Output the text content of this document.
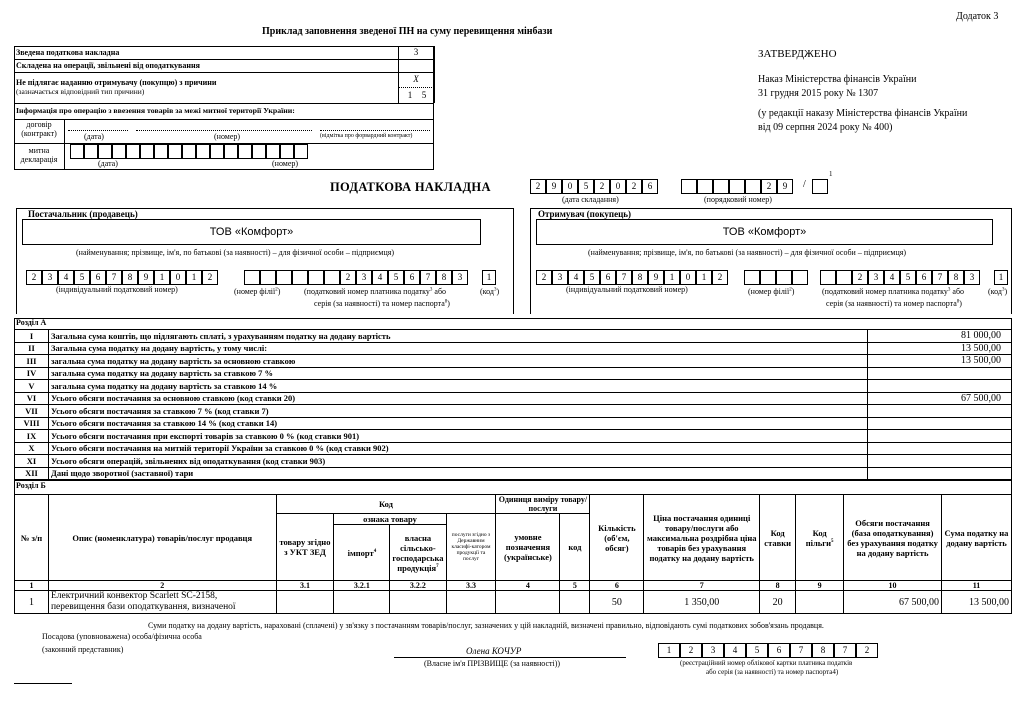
Додаток 3
Приклад заповнення зведеної ПН на суму перевищення мінбази
Зведена податкова накладна	3
Складена на операції, звільнені від оподаткування
Не підлягає наданню отримувачу (покупцю) з причини
(зазначається відповідний тип причини)
X
1	5
Інформація про операцію з ввезення товарів за межі митної території України:
договір (контракт)	(дата)	(номер)	(відмітка про форвардний контракт)
митна декларація	(дата)	(номер)
ЗАТВЕРДЖЕНО
Наказ Міністерства фінансів України
31 грудня 2015 року № 1307
(у редакції наказу Міністерства фінансів України
від 09 серпня 2024 року № 400)
ПОДАТКОВА НАКЛАДНА	2	9	0	5	2	0	2	6
(дата складання)
2	9	/
1
(порядковий номер)
Постачальник (продавець)
ТОВ «Комфорт»
(найменування; прізвище, ім'я, по батькові (за наявності) – для фізичної особи – підприємця)
2	3	4	5	6	7	8	9	1	0	1	2
(індивідуальний податковий номер)	(номер філії$^2$)
2	3	4	5	6	7	8	3	1
(податковий номер платника податку$^3$ або	(код$^3$)
серія (за наявності) та номер паспорта$^8$)
Отримувач (покупець)
ТОВ «Комфорт»
(найменування; прізвище, ім'я, по батькові (за наявності) – для фізичної особи – підприємця)
2	3	4	5	6	7	8	9	1	0	1	2
(індивідуальний податковий номер)	(номер філії$^2$)
2	3	4	5	6	7	8	3	1
(податковий номер платника податку$^3$ або	(код$^3$)
серія (за наявності) та номер паспорта$^8$)
Розділ А
I	Загальна сума коштів, що підлягають сплаті, з урахуванням податку на додану вартість	81 000,00
II	Загальна сума податку на додану вартість, у тому числі:	13 500,00
III	загальна сума податку на додану вартість за основною ставкою	13 500,00
IV	загальна сума податку на додану вартість за ставкою 7 %	
V	загальна сума податку на додану вартість за ставкою 14 %	
VI	Усього обсяги постачання за основною ставкою (код ставки 20)	67 500,00
VII	Усього обсяги постачання за ставкою 7 % (код ставки 7)	
VIII	Усього обсяги постачання за ставкою 14 % (код ставки 14)	
IX	Усього обсяги постачання при експорті товарів за ставкою 0 % (код ставки 901)	
X	Усього обсяги постачання на митній території України за ставкою 0 % (код ставки 902)	
XI	Усього обсяги операцій, звільнених від оподаткування (код ставки 903)	
XII	Дані щодо зворотної (заставної) тари	
Розділ Б
№ з/п	Опис (номенклатура) товарів/послуг продавця	Код				Одиниця виміру товару/послуги		Кількість (об'єм, обсяг)	Ціна постачання одиниці товару/послуги або максимальна роздрібна ціна товарів без урахування податку на додану вартість	Код ставки	Код пільги$^5$	Обсяги постачання (база оподаткування) без урахування податку на додану вартість	Сума податку на додану вартість
		товару згідно з УКТ ЗЕД	ознака товару		послуги згідно з Державним класифі-катором продукції та послуг	умовне позначення (українське)	код						
			імпорт$^4$	власна сільсько-господарська продукція$^7$

1	2	3.1	3.2.1	3.2.2	3.3	4	5	6	7	8	9	10	11
1	Електричний конвектор Scarlett SC-2158, перевищення бази оподаткування, визначеної							50	1 350,00	20		67 500,00	13 500,00
Суми податку на додану вартість, нараховані (сплачені) у зв'язку з постачанням товарів/послуг, зазначених у цій накладній, визначені правильно, відповідають сумі податкових зобов'язань продавця.
Посадова (уповноважена) особа/фізична особа
(законний представник)	Олена КОЧУР
(Власне ім'я ПРІЗВИЩЕ (за наявності))
1	2	3	4	5	6	7	8	7	2
(реєстраційний номер облікової картки платника податків
або серія (за наявності) та номер паспорта4)
